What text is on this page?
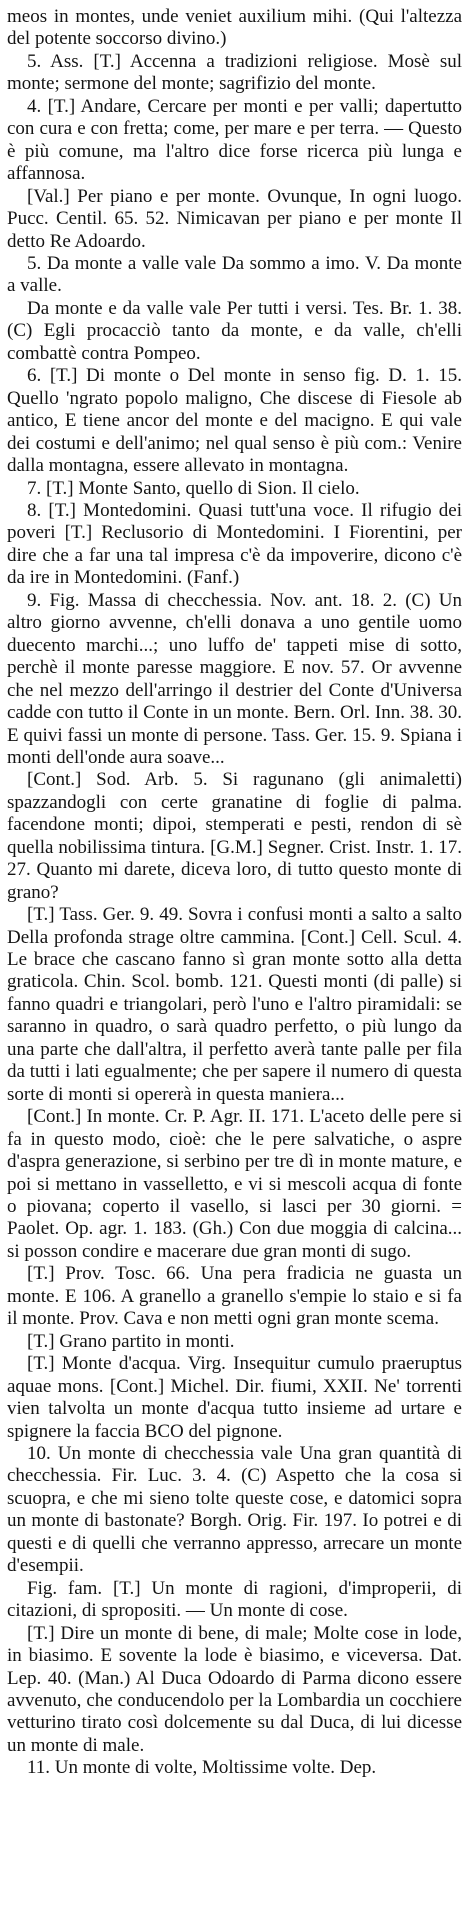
meos in montes, unde veniet auxilium mihi. (Qui l'altezza del potente soccorso divino.)

5. Ass. [T.] Accenna a tradizioni religiose. Mosè sul monte; sermone del monte; sagrifizio del monte.

4. [T.] Andare, Cercare per monti e per valli; dapertutto con cura e con fretta; come, per mare e per terra. — Questo è più comune, ma l'altro dice forse ricerca più lunga e affannosa.

[Val.] Per piano e per monte. Ovunque, In ogni luogo. Pucc. Centil. 65. 52. Nimicavan per piano e per monte Il detto Re Adoardo.

5. Da monte a valle vale Da sommo a imo. V. Da monte a valle.

Da monte e da valle vale Per tutti i versi. Tes. Br. 1. 38. (C) Egli procacciò tanto da monte, e da valle, ch'elli combattè contra Pompeo.

6. [T.] Di monte o Del monte in senso fig. D. 1. 15. Quello 'ngrato popolo maligno, Che discese di Fiesole ab antico, E tiene ancor del monte e del macigno. E qui vale dei costumi e dell'animo; nel qual senso è più com.: Venire dalla montagna, essere allevato in montagna.

7. [T.] Monte Santo, quello di Sion. Il cielo.

8. [T.] Montedomini. Quasi tutt'una voce. Il rifugio dei poveri [T.] Reclusorio di Montedomini. I Fiorentini, per dire che a far una tal impresa c'è da impoverire, dicono c'è da ire in Montedomini. (Fanf.)

9. Fig. Massa di checchessia. Nov. ant. 18. 2. (C) Un altro giorno avvenne, ch'elli donava a uno gentile uomo duecento marchi...; uno luffo de' tappeti mise di sotto, perchè il monte paresse maggiore. E nov. 57. Or avvenne che nel mezzo dell'arringo il destrier del Conte d'Universa cadde con tutto il Conte in un monte. Bern. Orl. Inn. 38. 30. E quivi fassi un monte di persone. Tass. Ger. 15. 9. Spiana i monti dell'onde aura soave...

[Cont.] Sod. Arb. 5. Si ragunano (gli animaletti) spazzandogli con certe granatine di foglie di palma. facendone monti; dipoi, stemperati e pesti, rendon di sè quella nobilissima tintura. [G.M.] Segner. Crist. Instr. 1. 17. 27. Quanto mi darete, diceva loro, di tutto questo monte di grano?

[T.] Tass. Ger. 9. 49. Sovra i confusi monti a salto a salto Della profonda strage oltre cammina. [Cont.] Cell. Scul. 4. Le brace che cascano fanno sì gran monte sotto alla detta graticola. Chin. Scol. bomb. 121. Questi monti (di palle) si fanno quadri e triangolari, però l'uno e l'altro piramidali: se saranno in quadro, o sarà quadro perfetto, o più lungo da una parte che dall'altra, il perfetto averà tante palle per fila da tutti i lati egualmente; che per sapere il numero di questa sorte di monti si opererà in questa maniera...

[Cont.] In monte. Cr. P. Agr. II. 171. L'aceto delle pere si fa in questo modo, cioè: che le pere salvatiche, o aspre d'aspra generazione, si serbino per tre dì in monte mature, e poi si mettano in vasselletto, e vi si mescoli acqua di fonte o piovana; coperto il vasello, si lasci per 30 giorni. = Paolet. Op. agr. 1. 183. (Gh.) Con due moggia di calcina... si posson condire e macerare due gran monti di sugo.

[T.] Prov. Tosc. 66. Una pera fradicia ne guasta un monte. E 106. A granello a granello s'empie lo staio e si fa il monte. Prov. Cava e non metti ogni gran monte scema.

[T.] Grano partito in monti.

[T.] Monte d'acqua. Virg. Insequitur cumulo praeruptus aquae mons. [Cont.] Michel. Dir. fiumi, XXII. Ne' torrenti vien talvolta un monte d'acqua tutto insieme ad urtare e spignere la faccia BCO del pignone.

10. Un monte di checchessia vale Una gran quantità di checchessia. Fir. Luc. 3. 4. (C) Aspetto che la cosa si scuopra, e che mi sieno tolte queste cose, e datomici sopra un monte di bastonate? Borgh. Orig. Fir. 197. Io potrei e di questi e di quelli che verranno appresso, arrecare un monte d'esempii.

Fig. fam. [T.] Un monte di ragioni, d'improperii, di citazioni, di spropositi. — Un monte di cose.

[T.] Dire un monte di bene, di male; Molte cose in lode, in biasimo. E sovente la lode è biasimo, e viceversa. Dat. Lep. 40. (Man.) Al Duca Odoardo di Parma dicono essere avvenuto, che conducendolo per la Lombardia un cocchiere vetturino tirato così dolcemente su dal Duca, di lui dicesse un monte di male.

11. Un monte di volte, Moltissime volte. Dep.
